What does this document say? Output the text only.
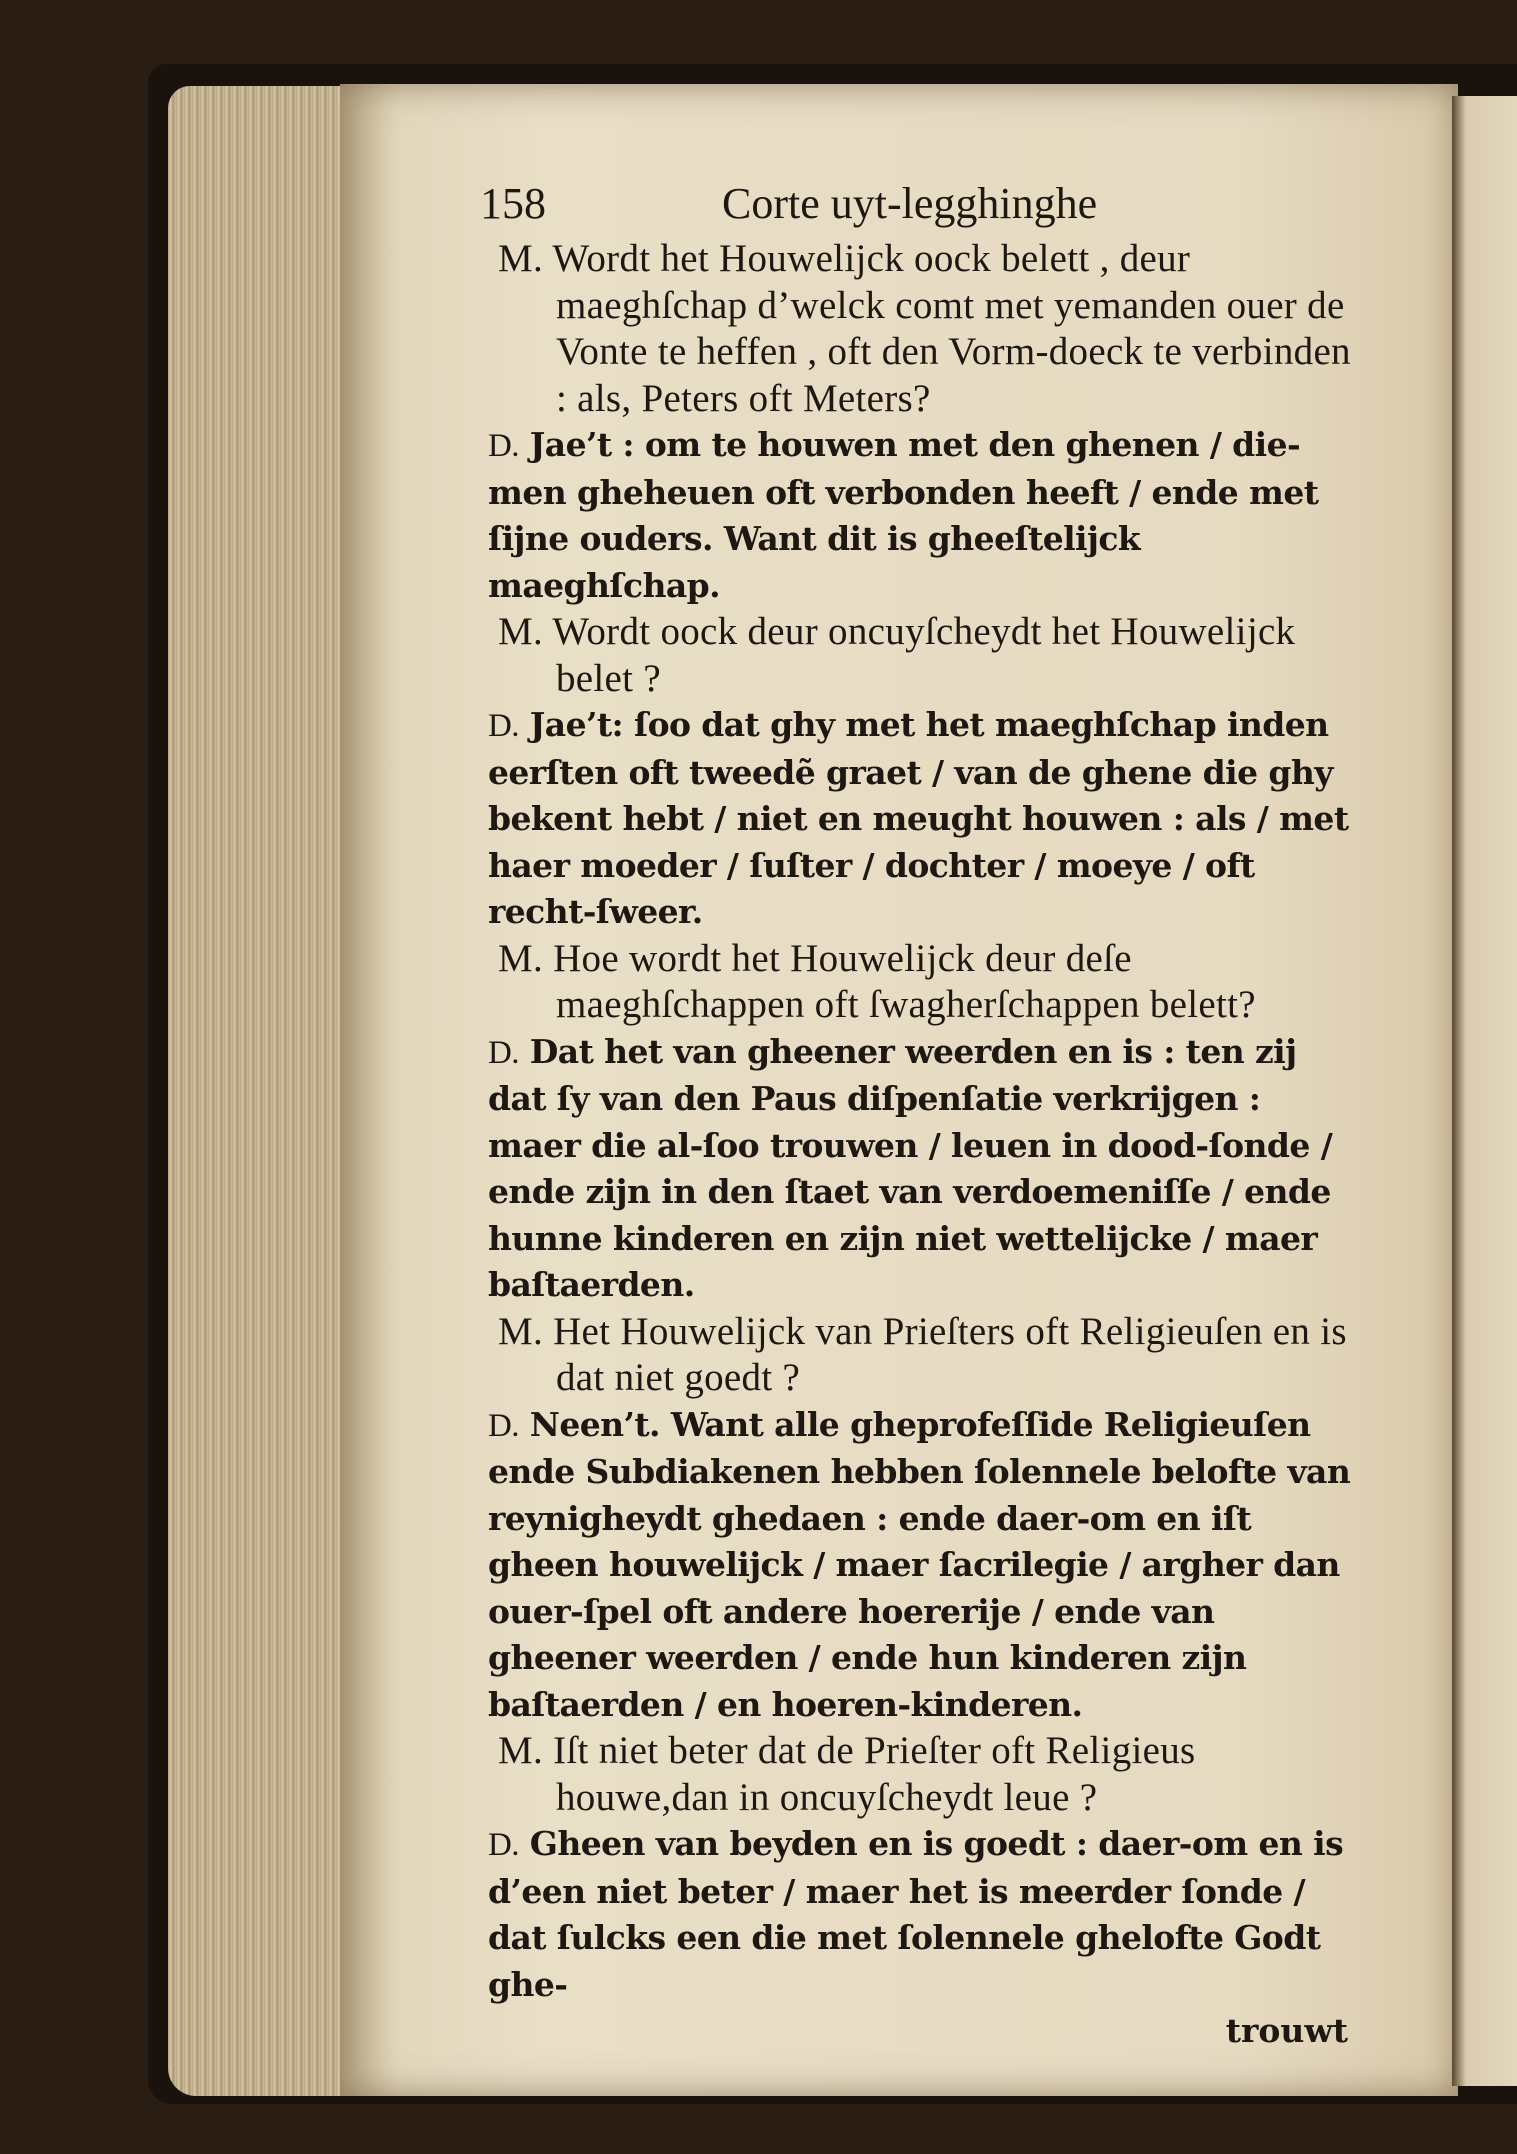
158	Corte uyt-legghinghe

M. Wordt het Houwelijck oock belett , deur maeghſchap d’welck comt met yemanden ouer de Vonte te heffen , oft den Vorm-doeck te verbinden : als, Peters oft Meters?

D. Jae’t : om te houwen met den ghenen / die-men gheheuen oft verbonden heeft / ende met ſijne ouders. Want dit is gheeſtelijck maeghſchap.

M. Wordt oock deur oncuyſcheydt het Houwelijck belet ?

D. Jae’t: ſoo dat ghy met het maeghſchap inden eerſten oft tweedẽ graet / van de ghene die ghy bekent hebt / niet en meught houwen : als / met haer moeder / ſuſter / dochter / moeye / oft recht-ſweer.

M. Hoe wordt het Houwelijck deur deſe maeghſchappen oft ſwagherſchappen belett?

D. Dat het van gheener weerden en is : ten zij dat ſy van den Paus diſpenſatie verkrijgen : maer die al-ſoo trouwen / leuen in dood-ſonde / ende zijn in den ſtaet van verdoemeniſſe / ende hunne kinderen en zijn niet wettelijcke / maer baſtaerden.

M. Het Houwelijck van Prieſters oft Religieuſen en is dat niet goedt ?

D. Neen’t. Want alle gheprofeſſide Religieuſen ende Subdiakenen hebben ſolennele belofte van reynigheydt ghedaen : ende daer-om en iſt gheen houwelijck / maer ſacrilegie / argher dan ouer-ſpel oft andere hoererije / ende van gheener weerden / ende hun kinderen zijn baſtaerden / en hoeren-kinderen.

M. Iſt niet beter dat de Prieſter oft Religieus houwe,dan in oncuyſcheydt leue ?

D. Gheen van beyden en is goedt : daer-om en is d’een niet beter / maer het is meerder ſonde / dat ſulcks een die met ſolennele ghelofte Godt ghe-

trouwt
